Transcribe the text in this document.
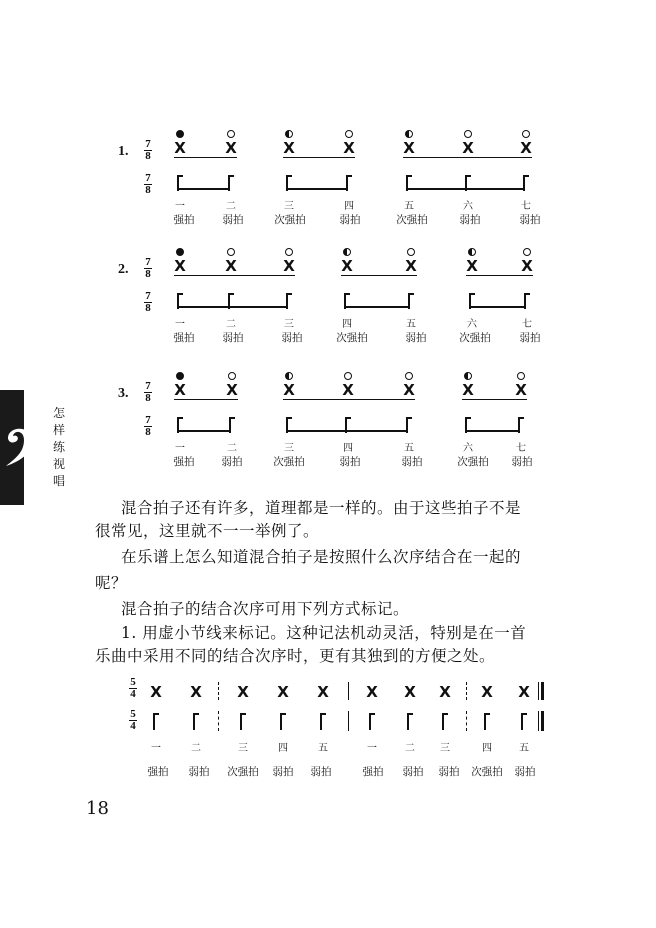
怎
样
练
视
唱
1. 7
8
7
8
X	X	X	X	X	X	X
一	二	三	四	五	六	七
强拍	弱拍	次强拍	弱拍	次强拍	弱拍	弱拍
2. 7
8
7
8
X	X	X	X	X	X	X
一	二	三	四	五	六	七
强拍	弱拍	弱拍	次强拍	弱拍	次强拍	弱拍
3. 7
8
7
8
X	X	X	X	X	X	X
一	二	三	四	五	六	七
强拍	弱拍	次强拍	弱拍	弱拍	次强拍 弱拍
混合拍子还有许多，道理都是一样的。由于这些拍子不是
很常见，这里就不一一举例了。
在乐谱上怎么知道混合拍子是按照什么次序结合在一起的
呢？
混合拍子的结合次序可用下列方式标记。
1. 用虚小节线来标记。这种记法机动灵活，特别是在一首
乐曲中采用不同的结合次序时，更有其独到的方便之处。
5
4
5
4
X X X X X X X X X X
一	二	三	四	五	一	二	三	四	五
强拍 弱拍 次强拍 弱拍 弱拍	强拍 弱拍 弱拍 次强拍 弱拍
18
